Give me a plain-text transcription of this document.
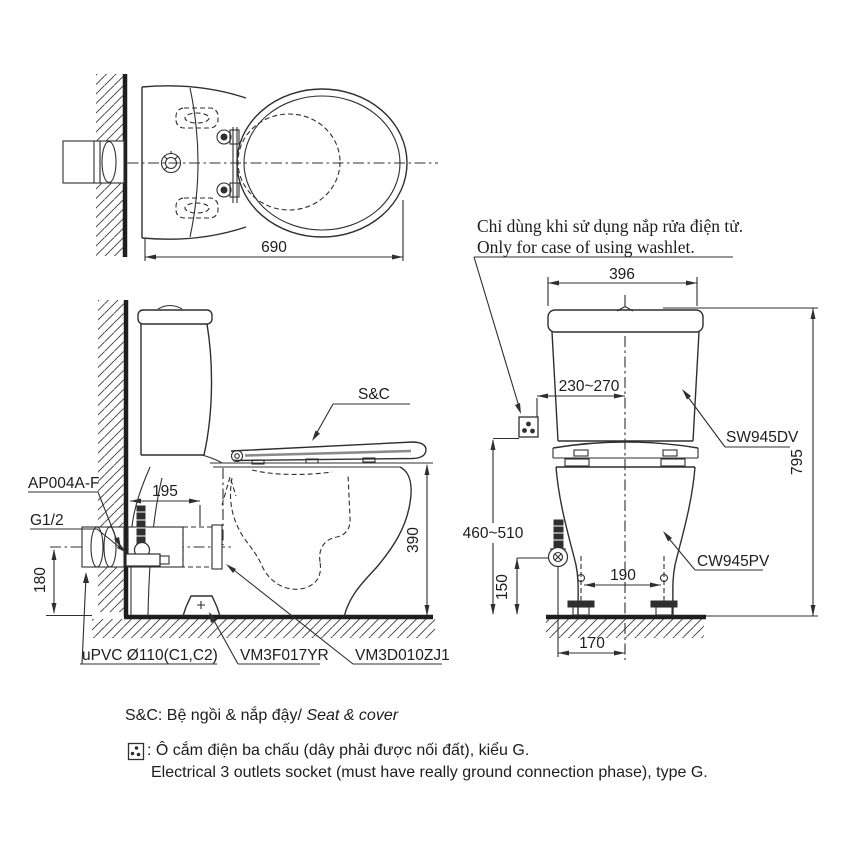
690
195
180
390
S&C
AP004A-F
G1/2
uPVC Ø110(C1,C2) VM3F017YR VM3D010ZJ1
Chỉ dùng khi sử dụng nắp rửa điện tử.
Only for case of using washlet.
396
230~270
795
460~510
150	190
170
SW945DV
CW945PV
S&C: Bệ ngồi & nắp đậy/ Seat & cover
: Ô cắm điện ba chấu (dây phải được nối đất), kiểu G.
Electrical 3 outlets socket (must have really ground connection phase), type G.
